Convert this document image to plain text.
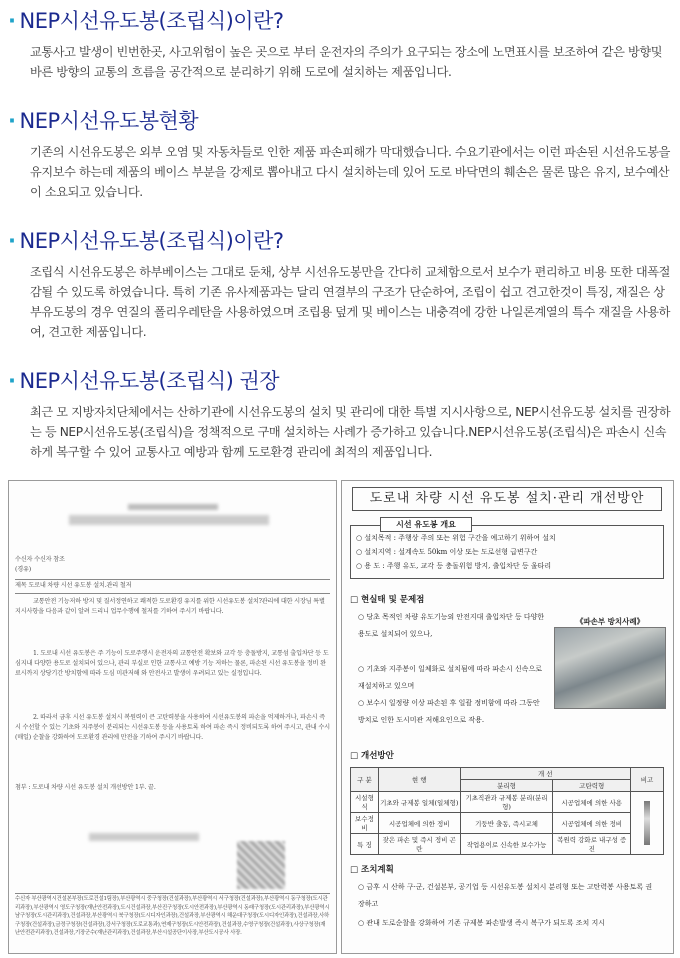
· NEP시선유도봉(조립식)이란?

교통사고 발생이 빈번한곳, 사고위험이 높은 곳으로 부터 운전자의 주의가 요구되는 장소에 노면표시를 보조하여 같은 방향및 바른 방향의 교통의 흐름을 공간적으로 분리하기 위해 도로에 설치하는 제품입니다.

· NEP시선유도봉현황

기존의 시선유도봉은 외부 오염 및 자동차들로 인한 제품 파손피해가 막대했습니다. 수요기관에서는 이런 파손된 시선유도봉을 유지보수 하는데 제품의 베이스 부분을 강제로 뽑아내고 다시 설치하는데 있어 도로 바닥면의 훼손은 물론 많은 유지, 보수예산이 소요되고 있습니다.

· NEP시선유도봉(조립식)이란?

조립식 시선유도봉은 하부베이스는 그대로 둔채, 상부 시선유도봉만을 간다히 교체함으로서 보수가 편리하고 비용 또한 대폭절감될 수 있도록 하였습니다. 특히 기존 유사제품과는 달리 연결부의 구조가 단순하여, 조립이 쉽고 견고한것이 특징, 재질은 상부유도봉의 경우 연질의 폴리우레탄을 사용하였으며 조립용 덮게 및 베이스는 내충격에 강한 나일론계열의 특수 재질을 사용하여, 견고한 제품입니다.

· NEP시선유도봉(조립식) 권장

최근 모 지방자치단체에서는 산하기관에 시선유도봉의 설치 및 관리에 대한 특별 지시사항으로, NEP시선유도봉 설치를 권장하는 등 NEP시선유도봉(조립식)을 정책적으로 구매 설치하는 사례가 증가하고 있습니다.NEP시선유도봉(조립식)은 파손시 신속하게 복구할 수 있어 교통사고 예방과 함께 도로환경 관리에 최적의 제품입니다.

수신자 수신자 참조
(경유)
제목 도로내 차량 시선 유도봉 설치.관리 철저
교통안전 기능저하 방지 및 질서정연하고 쾌적한 도로환경 유지를 위한 시선유도봉 설치?관리에 대한 시장님 특별 지시사항을 다음과 같이 알려 드리니 업무수행에 철저를 기하여 주시기 바랍니다.
1. 도로내 시선 유도봉은 주 기능이 도로주행시 운전자의 교통안전 확보와 교각 등 충돌방지, 교통섬 출입차단 등 도심지내 다양한 용도로 설치되어 있으나, 관리 부실로 인한 교통사고 예방 기능 저하는 물론, 파손된 시선 유도봉을 정비 완료시까지 상당기간 방치함에 따라 도심 미관저해 와 안전사고 발생이 우려되고 있는 실정입니다.
2. 따라서 금후 시선 유도봉 설치시 복원력이 큰 고탄력봉을 사용하여 시선유도봉의 파손을 억제하거나, 파손시 즉시 수선할 수 있는 기초와 지주봉이 분리되는 시선유도봉 등을 사용토록 하여 파손 즉시 정비되도록 하여 주시고, 관내 수시(매일) 순찰을 강화하여 도로환경 관리에 만전을 기하여 주시기 바랍니다.
첨부 : 도로내 차량 시선 유도봉 설치 개선방안 1부. 끝.
수신자 부산광역시건설본부장(도로건설1팀장),부산광역시 중구청장(건설과장),부산광역시 서구청장(건설과장),부산광역시 동구청장(도시관리과장),부산광역시 영도구청장(재난안전과장),도시건설과장,부산진구청장(도시안전과장),부산광역시 동래구청장(도시관리과장),부산광역시남구청장(도시관리과장),건설과장,부산광역시 북구청장(도시디자인과장),건설과장,부산광역시 해운대구청장(도시디자인과장),건설과장,사하구청장(건설과장),금정구청장(건설과장),강서구청장(도로교통과),연제구청장(도시안전과장),건설과장,수영구청장(건설과장),사상구청장(재난안전관리과장),건설과장,기장군수(재난관리과장),건설과장,부산시설공단이사장,부산도시공사 사장.
도로내 차량 시선 유도봉 설치·관리 개선방안
시선 유도봉 개요
○ 설치목적 : 주행상 주의 또는 위험 구간을 예고하기 위하여 설치
○ 설치지역 : 설계속도 50km 이상 또는 도로선형 급변구간
○ 용 도 : 주행 유도, 교각 등 충돌위험 방지, 출입차단 등 울타리
□ 현실태 및 문제점
○ 당초 목적인 차량 유도기능외 안전지대 출입차단 등 다양한 용도로 설치되어 있으나,
○ 기초와 지주봉이 일체화로 설치됨에 따라 파손시 신속으로 재설치하고 있으며
○ 보수시 일정량 이상 파손된 후 일괄 정비함에 따라 그동안 방치로 인한 도시미관 저해요인으로 작용.
《파손부 방치사례》
□ 개선방안
구 분	현 행	개 선		비고
		분리형	고탄력형	
시설형식	기초와 규제봉 일체(일체형)	기초직관과 규제봉 분리(분리형)	시공업체에 의한 사용	

보수정비	시공업체에 의한 정비	기둥반 출동, 즉시교체	시공업체에 의한 정비	
특 징	잦은 파손 및 즉시 정비 곤란	작업용이로 신속한 보수가능	복원력 강화로 내구성 증진	
□ 조치계획
○ 금후 시 산하 구·군, 건설본부, 공기업 등 시선유도봉 설치시 분리형 또는 고탄력봉 사용토록 권장하고
○ 관내 도로순찰을 강화하여 기존 규제봉 파손발생 즉시 복구가 되도록 조치 지시
